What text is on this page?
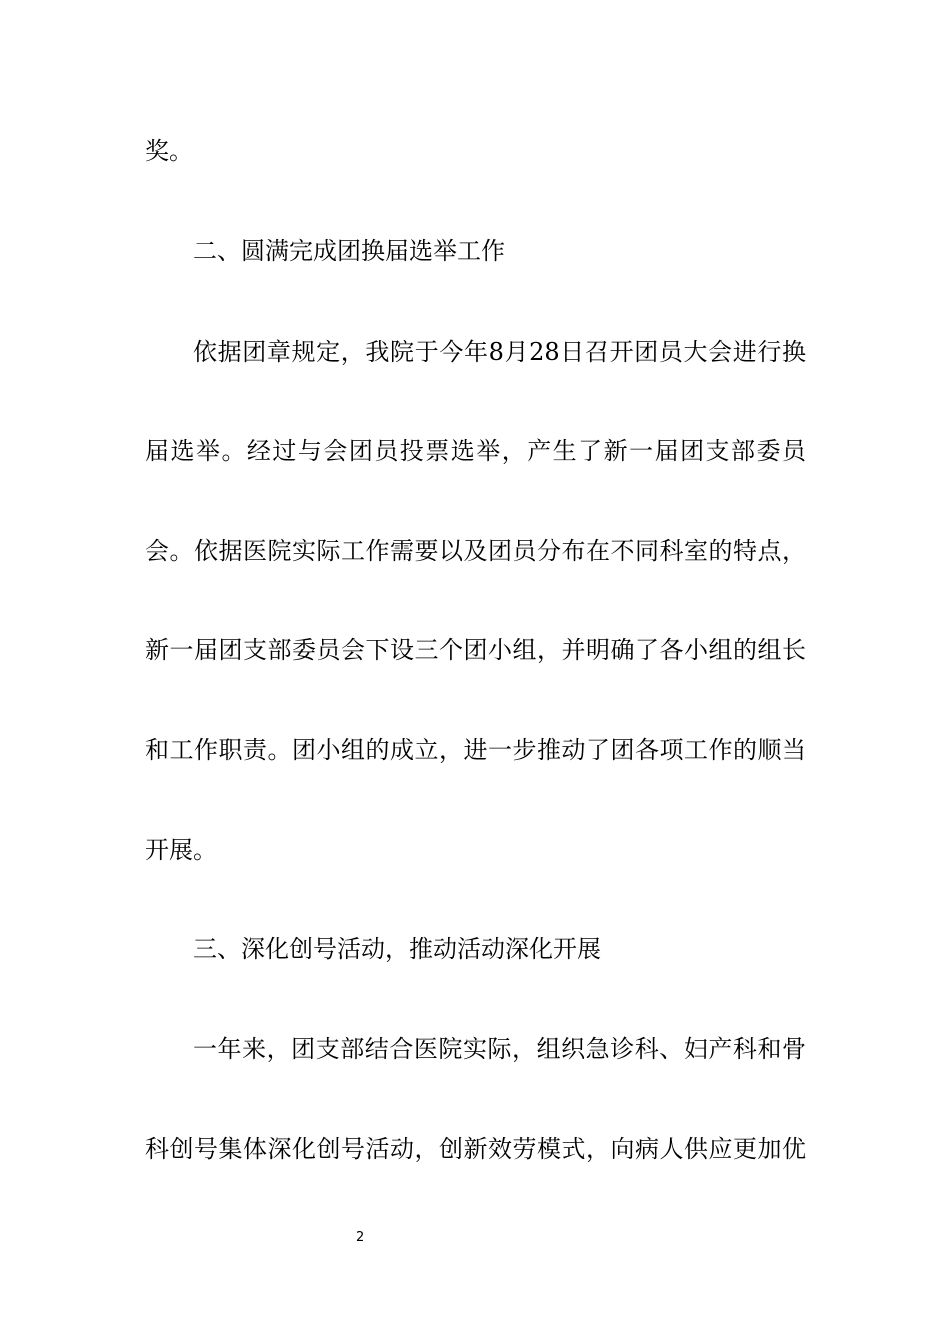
奖。

二、圆满完成团换届选举工作

依据团章规定，我院于今年8月28日召开团员大会进行换

届选举。经过与会团员投票选举，产生了新一届团支部委员

会。依据医院实际工作需要以及团员分布在不同科室的特点，

新一届团支部委员会下设三个团小组，并明确了各小组的组长

和工作职责。团小组的成立，进一步推动了团各项工作的顺当

开展。

三、深化创号活动，推动活动深化开展

一年来，团支部结合医院实际，组织急诊科、妇产科和骨

科创号集体深化创号活动，创新效劳模式，向病人供应更加优

2
